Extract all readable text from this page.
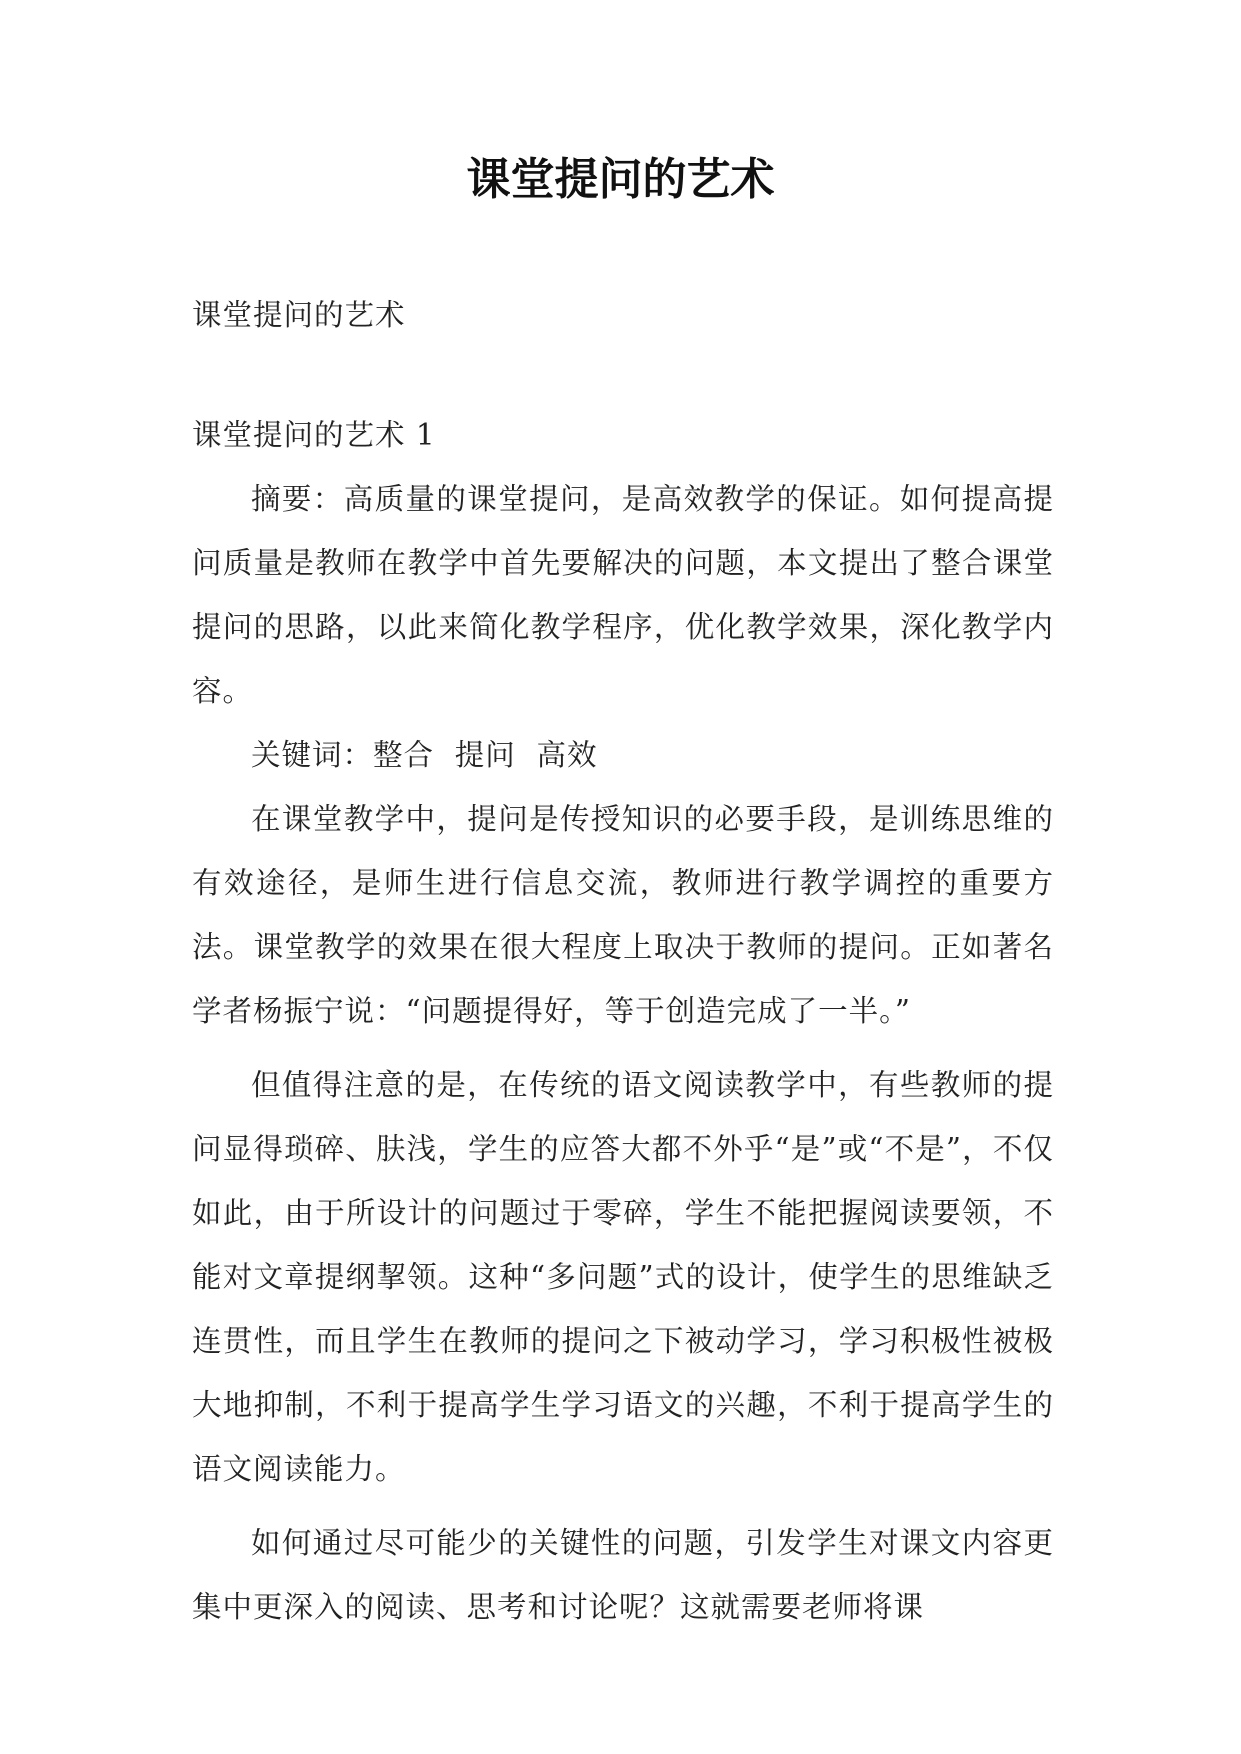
课堂提问的艺术
课堂提问的艺术

课堂提问的艺术 1

摘要：高质量的课堂提问，是高效教学的保证。如何提高提问质量是教师在教学中首先要解决的问题，本文提出了整合课堂提问的思路，以此来简化教学程序，优化教学效果，深化教学内容。

关键词：整合  提问  高效

在课堂教学中，提问是传授知识的必要手段，是训练思维的有效途径，是师生进行信息交流，教师进行教学调控的重要方法。课堂教学的效果在很大程度上取决于教师的提问。正如著名学者杨振宁说：“问题提得好，等于创造完成了一半。”

但值得注意的是，在传统的语文阅读教学中，有些教师的提问显得琐碎、肤浅，学生的应答大都不外乎“是”或“不是”，不仅如此，由于所设计的问题过于零碎，学生不能把握阅读要领，不能对文章提纲挈领。这种“多问题”式的设计，使学生的思维缺乏连贯性，而且学生在教师的提问之下被动学习，学习积极性被极大地抑制，不利于提高学生学习语文的兴趣，不利于提高学生的语文阅读能力。

如何通过尽可能少的关键性的问题，引发学生对课文内容更集中更深入的阅读、思考和讨论呢？这就需要老师将课
